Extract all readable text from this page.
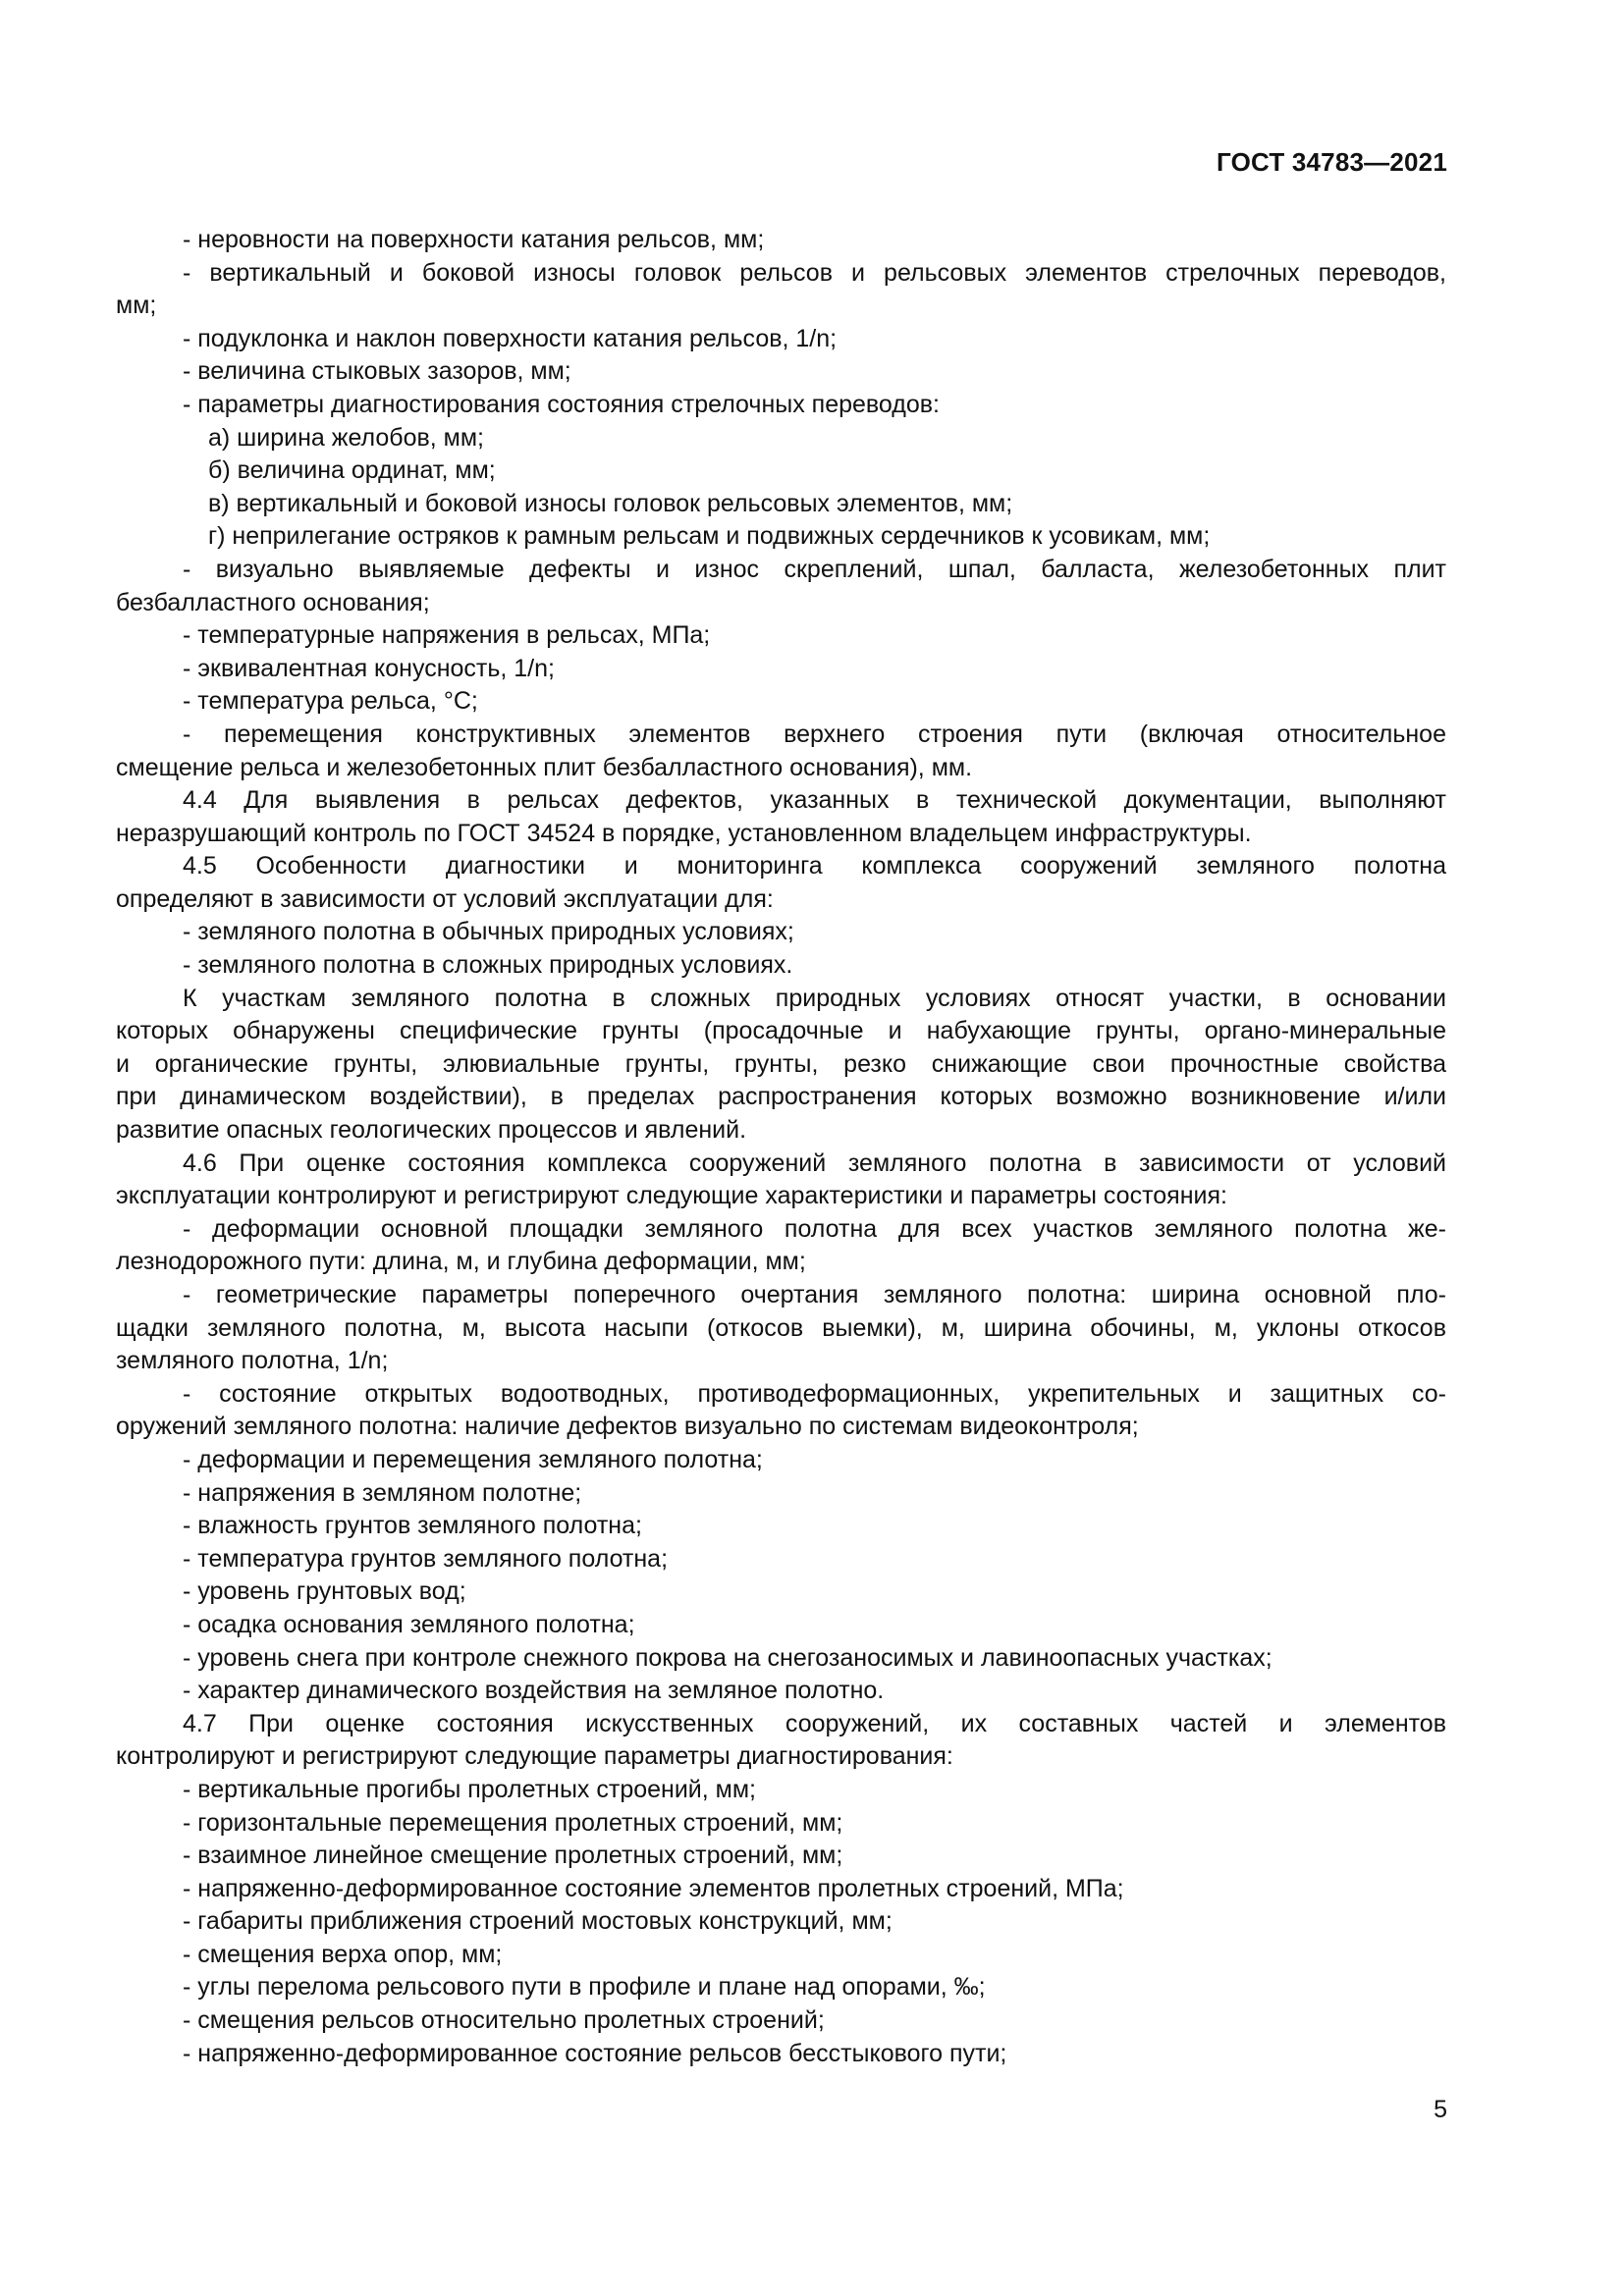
ГОСТ 34783—2021
- неровности на поверхности катания рельсов, мм;
- вертикальный и боковой износы головок рельсов и рельсовых элементов стрелочных переводов,
мм;
- подуклонка и наклон поверхности катания рельсов, 1/n;
- величина стыковых зазоров, мм;
- параметры диагностирования состояния стрелочных переводов:
а) ширина желобов, мм;
б) величина ординат, мм;
в) вертикальный и боковой износы головок рельсовых элементов, мм;
г) неприлегание остряков к рамным рельсам и подвижных сердечников к усовикам, мм;
- визуально выявляемые дефекты и износ скреплений, шпал, балласта, железобетонных плит
безбалластного основания;
- температурные напряжения в рельсах, МПа;
- эквивалентная конусность, 1/n;
- температура рельса, °С;
- перемещения конструктивных элементов верхнего строения пути (включая относительное
смещение рельса и железобетонных плит безбалластного основания), мм.
4.4 Для выявления в рельсах дефектов, указанных в технической документации, выполняют
неразрушающий контроль по ГОСТ 34524 в порядке, установленном владельцем инфраструктуры.
4.5 Особенности диагностики и мониторинга комплекса сооружений земляного полотна
определяют в зависимости от условий эксплуатации для:
- земляного полотна в обычных природных условиях;
- земляного полотна в сложных природных условиях.
К участкам земляного полотна в сложных природных условиях относят участки, в основании
которых обнаружены специфические грунты (просадочные и набухающие грунты, органо-минеральные
и органические грунты, элювиальные грунты, грунты, резко снижающие свои прочностные свойства
при динамическом воздействии), в пределах распространения которых возможно возникновение и/или
развитие опасных геологических процессов и явлений.
4.6 При оценке состояния комплекса сооружений земляного полотна в зависимости от условий
эксплуатации контролируют и регистрируют следующие характеристики и параметры состояния:
- деформации основной площадки земляного полотна для всех участков земляного полотна же-
лезнодорожного пути: длина, м, и глубина деформации, мм;
- геометрические параметры поперечного очертания земляного полотна: ширина основной пло-
щадки земляного полотна, м, высота насыпи (откосов выемки), м, ширина обочины, м, уклоны откосов
земляного полотна, 1/n;
- состояние открытых водоотводных, противодеформационных, укрепительных и защитных со-
оружений земляного полотна: наличие дефектов визуально по системам видеоконтроля;
- деформации и перемещения земляного полотна;
- напряжения в земляном полотне;
- влажность грунтов земляного полотна;
- температура грунтов земляного полотна;
- уровень грунтовых вод;
- осадка основания земляного полотна;
- уровень снега при контроле снежного покрова на снегозаносимых и лавиноопасных участках;
- характер динамического воздействия на земляное полотно.
4.7 При оценке состояния искусственных сооружений, их составных частей и элементов
контролируют и регистрируют следующие параметры диагностирования:
- вертикальные прогибы пролетных строений, мм;
- горизонтальные перемещения пролетных строений, мм;
- взаимное линейное смещение пролетных строений, мм;
- напряженно-деформированное состояние элементов пролетных строений, МПа;
- габариты приближения строений мостовых конструкций, мм;
- смещения верха опор, мм;
- углы перелома рельсового пути в профиле и плане над опорами, ‰;
- смещения рельсов относительно пролетных строений;
- напряженно-деформированное состояние рельсов бесстыкового пути;
5
